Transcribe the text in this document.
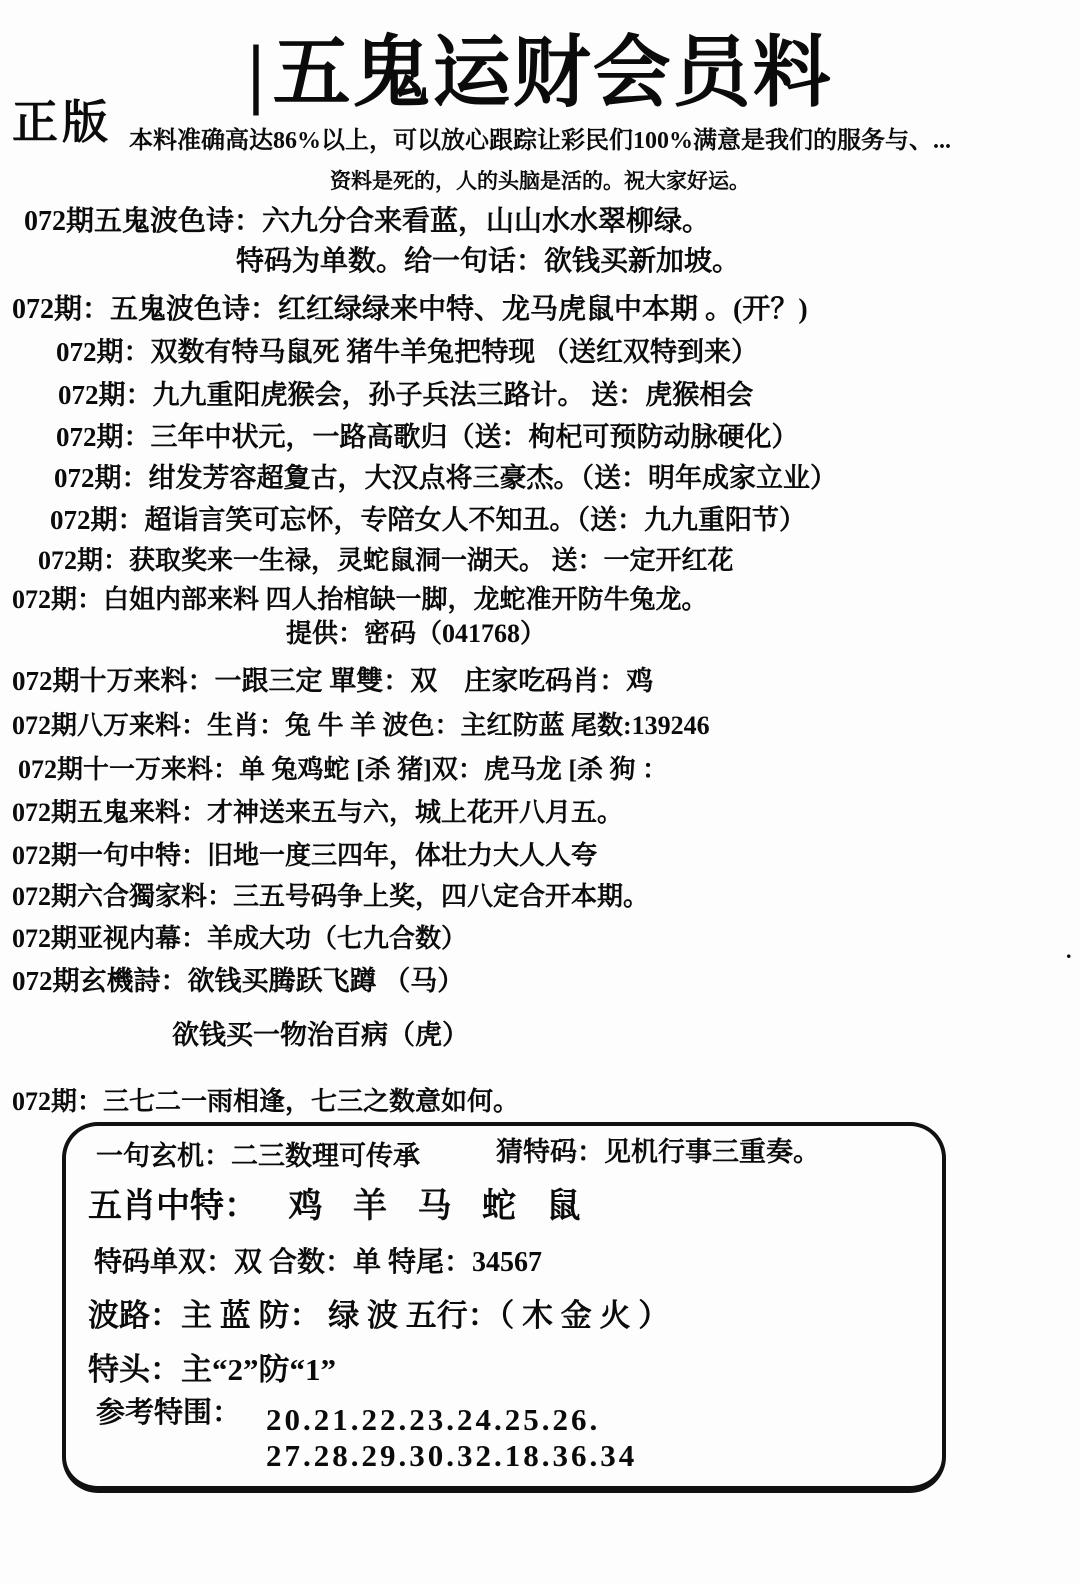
|五鬼运财会员料
正版 本料准确高达86%以上，可以放心跟踪让彩民们100%满意是我们的服务与、...
资料是死的，人的头脑是活的。祝大家好运。
072期五鬼波色诗：六九分合来看蓝，山山水水翠柳绿。
特码为单数。给一句话：欲钱买新加坡。
072期：五鬼波色诗：红红绿绿来中特、龙马虎鼠中本期 。(开？)
072期：双数有特马鼠死 猪牛羊兔把特现 （送红双特到来）
072期：九九重阳虎猴会，孙子兵法三路计。 送：虎猴相会
072期：三年中状元，一路高歌归（送：枸杞可预防动脉硬化）
072期：绀发芳容超夐古，大汉点将三豪杰。（送：明年成家立业）
072期：超诣言笑可忘怀，专陪女人不知丑。（送：九九重阳节）
072期：获取奖来一生禄，灵蛇鼠洞一湖天。 送：一定开红花
072期：白姐内部来料 四人抬棺缺一脚，龙蛇准开防牛兔龙。
提供：密码（041768）
072期十万来料：一跟三定 單雙：双　庄家吃码肖：鸡
072期八万来料：生肖：兔 牛 羊 波色：主红防蓝 尾数:139246
072期十一万来料：单 兔鸡蛇 [杀 猪]双：虎马龙 [杀 狗 ：
072期五鬼来料：才神送来五与六，城上花开八月五。
072期一句中特：旧地一度三四年，体壮力大人人夸
072期六合獨家料：三五号码争上奖，四八定合开本期。
072期亚视内幕：羊成大功（七九合数）
072期玄機詩：欲钱买腾跃飞蹲 （马）
欲钱买一物治百病（虎）
072期：三七二一雨相逢，七三之数意如何。
.
一句玄机：二三数理可传承	猜特码：见机行事三重奏。
五肖中特： 鸡 羊 马 蛇 鼠
特码单双：双 合数：单 特尾：34567
波路：主 蓝 防： 绿 波 五行：（ 木 金 火 ）
特头：主“2”防“1”
参考特围： 20.21.22.23.24.25.26.
27.28.29.30.32.18.36.34
